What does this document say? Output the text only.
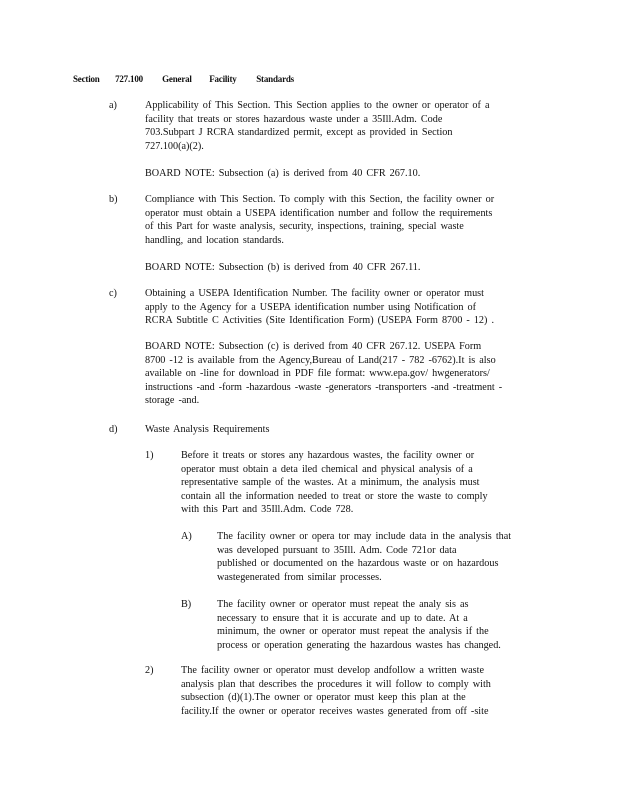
Section 727.100 General Facility Standards
a)	Applicability of This Section. This Section applies to the owner or operator of a
facility that treats or stores hazardous waste under a 35Ill.Adm. Code
703.Subpart J RCRA standardized permit, except as provided in Section
727.100(a)(2).
BOARD NOTE: Subsection (a) is derived from 40 CFR 267.10.
b)	Compliance with This Section. To comply with this Section, the facility owner or
operator must obtain a USEPA identification number and follow the requirements
of this Part for waste analysis, security, inspections, training, special waste
handling, and location standards.
BOARD NOTE: Subsection (b) is derived from 40 CFR 267.11.
c)	Obtaining a USEPA Identification Number. The facility owner or operator must
apply to the Agency for a USEPA identification number using Notification of
RCRA Subtitle C Activities (Site Identification Form) (USEPA Form 8700 - 12) .
BOARD NOTE: Subsection (c) is derived from 40 CFR 267.12. USEPA Form
8700 -12 is available from the Agency,Bureau of Land(217 - 782 -6762).It is also
available on -line for download in PDF file format: www.epa.gov/ hwgenerators/
instructions -and -form -hazardous -waste -generators -transporters -and -treatment -
storage -and.
d)	Waste Analysis Requirements
1)	Before it treats or stores any hazardous wastes, the facility owner or
operator must obtain a deta iled chemical and physical analysis of a
representative sample of the wastes. At a minimum, the analysis must
contain all the information needed to treat or store the waste to comply
with this Part and 35Ill.Adm. Code 728.
A) The facility owner or opera tor may include data in the analysis that
was developed pursuant to 35Ill. Adm. Code 721or data
published or documented on the hazardous waste or on hazardous
wastegenerated from similar processes.
B)	The facility owner or operator must repeat the analy sis as
necessary to ensure that it is accurate and up to date. At a
minimum, the owner or operator must repeat the analysis if the
process or operation generating the hazardous wastes has changed.
2)	The facility owner or operator must develop andfollow a written waste
analysis plan that describes the procedures it will follow to comply with
subsection (d)(1).The owner or operator must keep this plan at the
facility.If the owner or operator receives wastes generated from off -site
